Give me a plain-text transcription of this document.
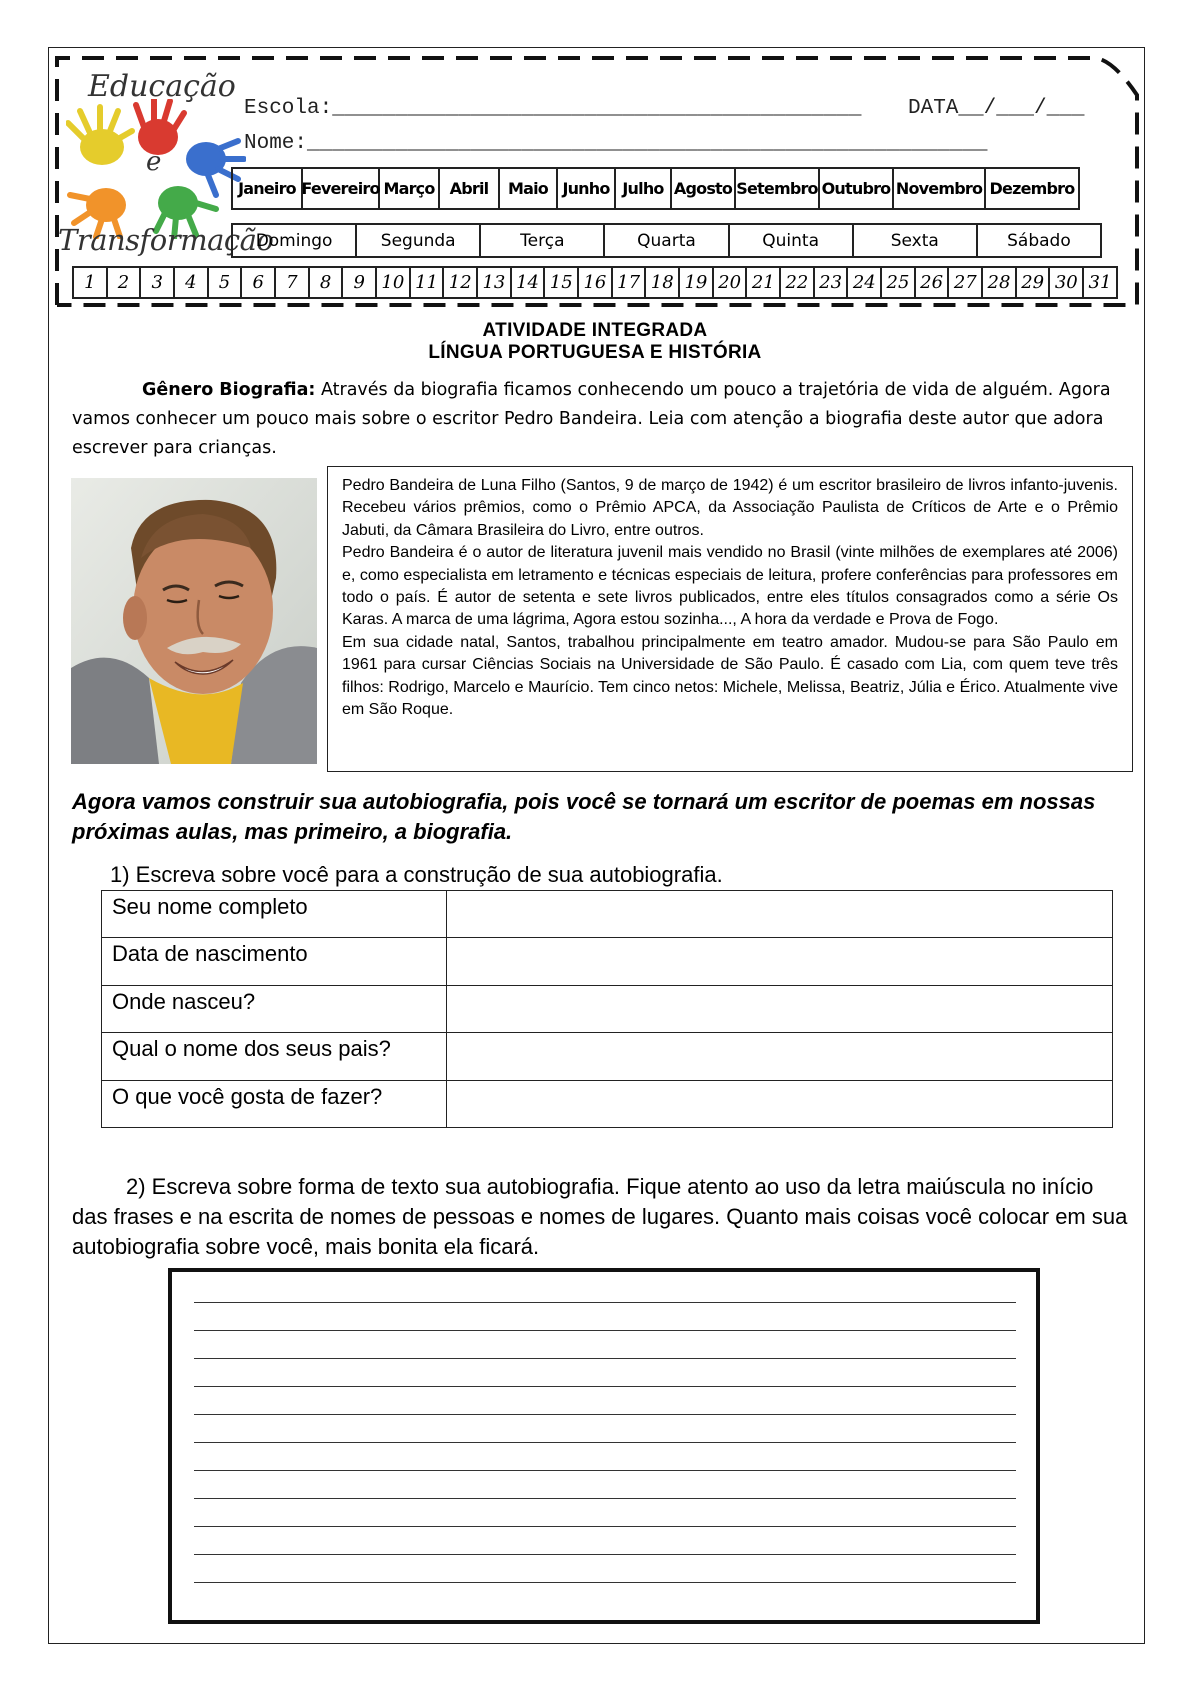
Educação
e
Transformação
Escola:__________________________________________ DATA__/___/___
Nome:______________________________________________________
Janeiro Fevereiro Março Abril	Maio Junho Julho Agosto Setembro Outubro Novembro Dezembro
Domingo	Segunda	Terça	Quarta	Quinta	Sexta	Sábado
1	2	3	4	5	6	7	8	9 10 11 12 13 14 15 16 17 18 19 20 21 22 23 24 25 26 27 28 29 30 31
ATIVIDADE INTEGRADA
LÍNGUA PORTUGUESA E HISTÓRIA
Gênero Biografia: Através da biografia ficamos conhecendo um pouco a trajetória de vida de alguém. Agora vamos conhecer um pouco mais sobre o escritor Pedro Bandeira. Leia com atenção a biografia deste autor que adora escrever para crianças.

Pedro Bandeira de Luna Filho (Santos, 9 de março de 1942) é um escritor brasileiro de livros infanto-juvenis. Recebeu vários prêmios, como o Prêmio APCA, da Associação Paulista de Críticos de Arte e o Prêmio Jabuti, da Câmara Brasileira do Livro, entre outros.

Pedro Bandeira é o autor de literatura juvenil mais vendido no Brasil (vinte milhões de exemplares até 2006) e, como especialista em letramento e técnicas especiais de leitura, profere conferências para professores em todo o país. É autor de setenta e sete livros publicados, entre eles títulos consagrados como a série Os Karas. A marca de uma lágrima, Agora estou sozinha..., A hora da verdade e Prova de Fogo.

Em sua cidade natal, Santos, trabalhou principalmente em teatro amador. Mudou-se para São Paulo em 1961 para cursar Ciências Sociais na Universidade de São Paulo. É casado com Lia, com quem teve três filhos: Rodrigo, Marcelo e Maurício. Tem cinco netos: Michele, Melissa, Beatriz, Júlia e Érico. Atualmente vive em São Roque.

Agora vamos construir sua autobiografia, pois você se tornará um escritor de poemas em nossas próximas aulas, mas primeiro, a biografia.
1) Escreva sobre você para a construção de sua autobiografia.
Seu nome completo	
Data de nascimento	
Onde nasceu?	
Qual o nome dos seus pais?	
O que você gosta de fazer?	
2) Escreva sobre forma de texto sua autobiografia. Fique atento ao uso da letra maiúscula no início das frases e na escrita de nomes de pessoas e nomes de lugares. Quanto mais coisas você colocar em sua autobiografia sobre você, mais bonita ela ficará.
